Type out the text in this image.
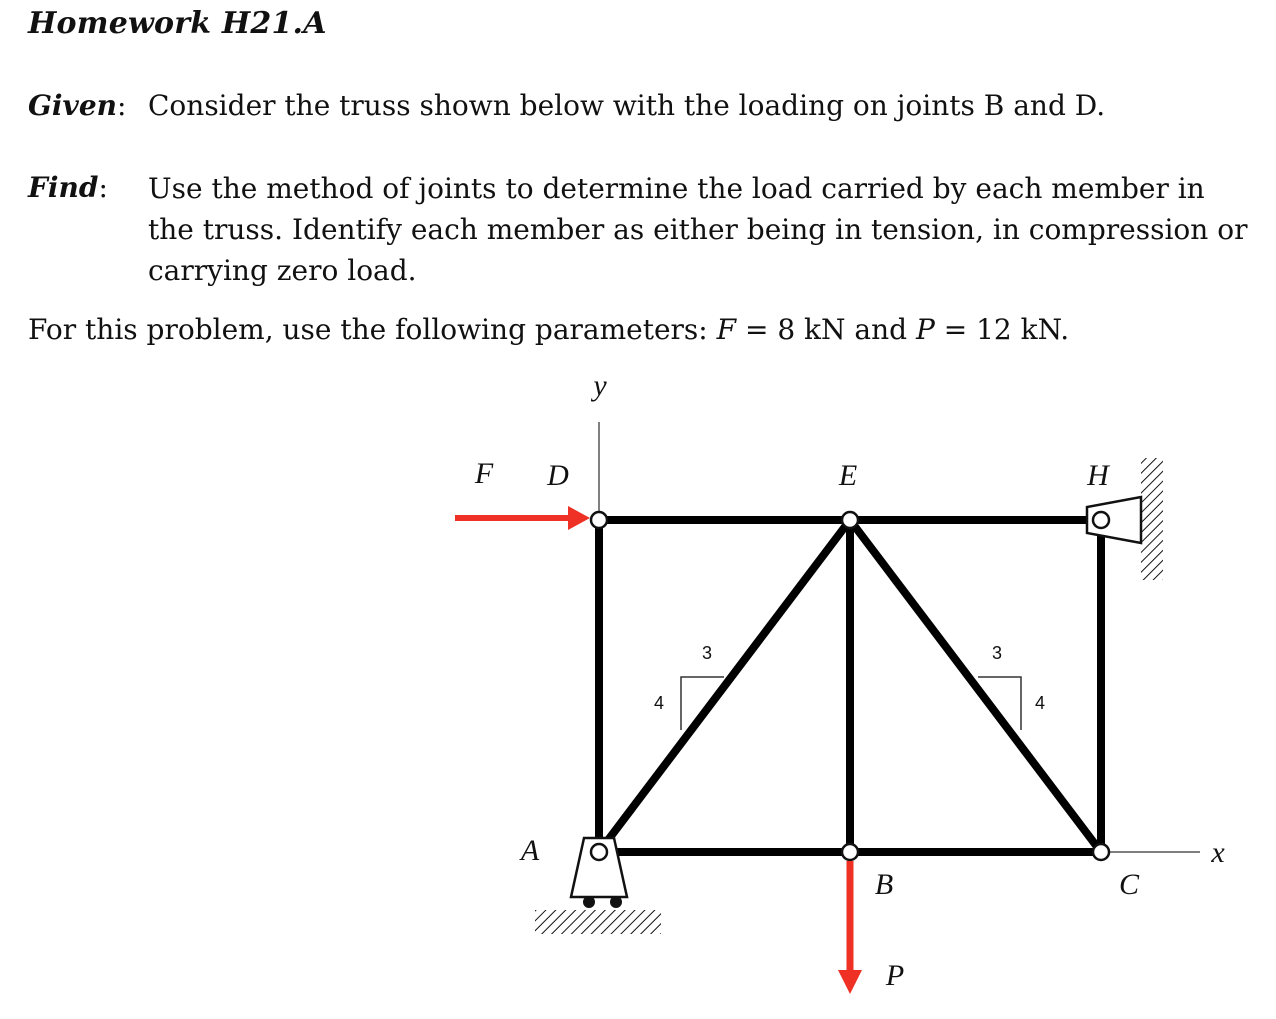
Homework H21.A
Given: Consider the truss shown below with the loading on joints B and D.
Find: Use the method of joints to determine the load carried by each member in the truss. Identify each member as either being in tension, in compression or carrying zero load.
For this problem, use the following parameters: F = 8 kN and P = 12 kN.
y
x
F D	E	H
A
B	C
P
3
4
3
4
